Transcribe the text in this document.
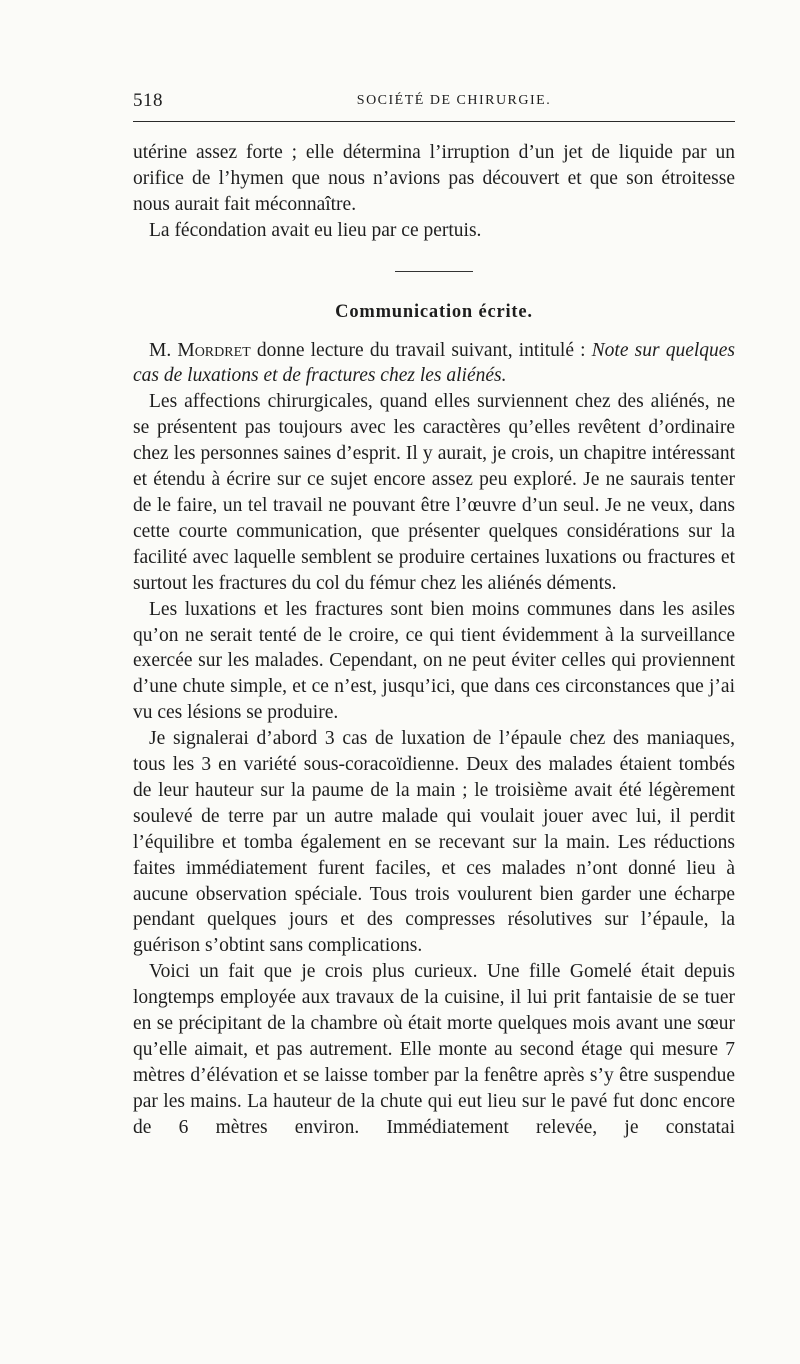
518	SOCIÉTÉ DE CHIRURGIE.

utérine assez forte ; elle détermina l’irruption d’un jet de liquide par un orifice de l’hymen que nous n’avions pas découvert et que son étroitesse nous aurait fait méconnaître.

La fécondation avait eu lieu par ce pertuis.

Communication écrite.

M. Mordret donne lecture du travail suivant, intitulé : Note sur quelques cas de luxations et de fractures chez les aliénés.

Les affections chirurgicales, quand elles surviennent chez des aliénés, ne se présentent pas toujours avec les caractères qu’elles revêtent d’ordinaire chez les personnes saines d’esprit. Il y aurait, je crois, un chapitre intéressant et étendu à écrire sur ce sujet encore assez peu exploré. Je ne saurais tenter de le faire, un tel travail ne pouvant être l’œuvre d’un seul. Je ne veux, dans cette courte communication, que présenter quelques considérations sur la facilité avec laquelle semblent se produire certaines luxations ou fractures et surtout les fractures du col du fémur chez les aliénés déments.

Les luxations et les fractures sont bien moins communes dans les asiles qu’on ne serait tenté de le croire, ce qui tient évidemment à la surveillance exercée sur les malades. Cependant, on ne peut éviter celles qui proviennent d’une chute simple, et ce n’est, jusqu’ici, que dans ces circonstances que j’ai vu ces lésions se produire.

Je signalerai d’abord 3 cas de luxation de l’épaule chez des maniaques, tous les 3 en variété sous-coracoïdienne. Deux des malades étaient tombés de leur hauteur sur la paume de la main ; le troisième avait été légèrement soulevé de terre par un autre malade qui voulait jouer avec lui, il perdit l’équilibre et tomba également en se recevant sur la main. Les réductions faites immédiatement furent faciles, et ces malades n’ont donné lieu à aucune observation spéciale. Tous trois voulurent bien garder une écharpe pendant quelques jours et des compresses résolutives sur l’épaule, la guérison s’obtint sans complications.

Voici un fait que je crois plus curieux. Une fille Gomelé était depuis longtemps employée aux travaux de la cuisine, il lui prit fantaisie de se tuer en se précipitant de la chambre où était morte quelques mois avant une sœur qu’elle aimait, et pas autrement. Elle monte au second étage qui mesure 7 mètres d’élévation et se laisse tomber par la fenêtre après s’y être suspendue par les mains. La hauteur de la chute qui eut lieu sur le pavé fut donc encore de 6 mètres environ. Immédiatement relevée, je constatai
